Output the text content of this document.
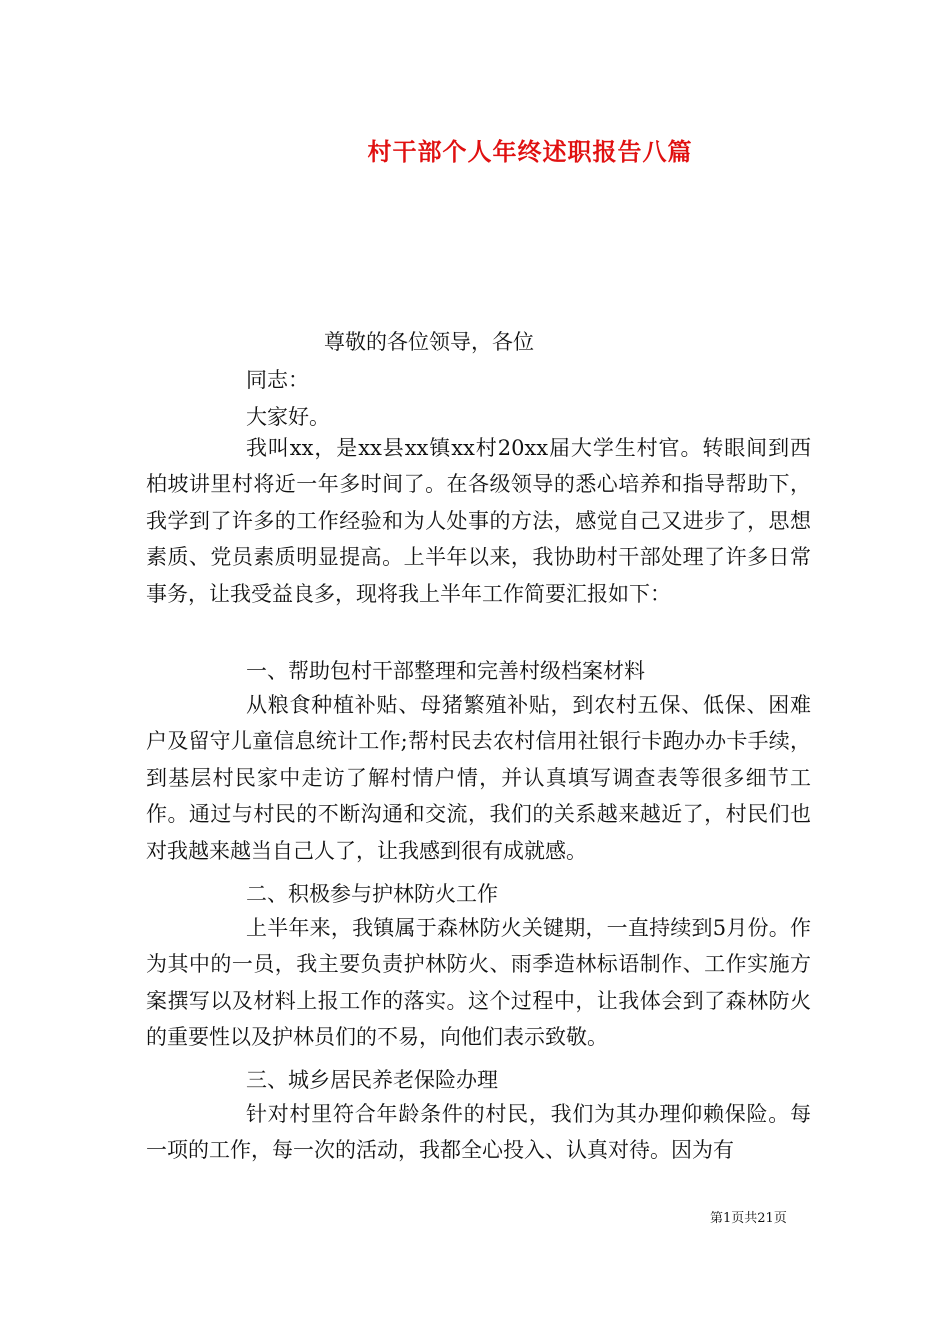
村干部个人年终述职报告八篇
尊敬的各位领导，各位
同志：
大家好。

我叫xx，是xx县xx镇xx村20xx届大学生村官。转眼间到西柏坡讲里村将近一年多时间了。在各级领导的悉心培养和指导帮助下，我学到了许多的工作经验和为人处事的方法，感觉自己又进步了，思想素质、党员素质明显提高。上半年以来，我协助村干部处理了许多日常事务，让我受益良多，现将我上半年工作简要汇报如下：

一、帮助包村干部整理和完善村级档案材料

从粮食种植补贴、母猪繁殖补贴，到农村五保、低保、困难户及留守儿童信息统计工作;帮村民去农村信用社银行卡跑办办卡手续，到基层村民家中走访了解村情户情，并认真填写调查表等很多细节工作。通过与村民的不断沟通和交流，我们的关系越来越近了，村民们也对我越来越当自己人了，让我感到很有成就感。

二、积极参与护林防火工作

上半年来，我镇属于森林防火关键期，一直持续到5月份。作为其中的一员，我主要负责护林防火、雨季造林标语制作、工作实施方案撰写以及材料上报工作的落实。这个过程中，让我体会到了森林防火的重要性以及护林员们的不易，向他们表示致敬。

三、城乡居民养老保险办理

针对村里符合年龄条件的村民，我们为其办理仰赖保险。每一项的工作，每一次的活动，我都全心投入、认真对待。因为有

第1页共21页
